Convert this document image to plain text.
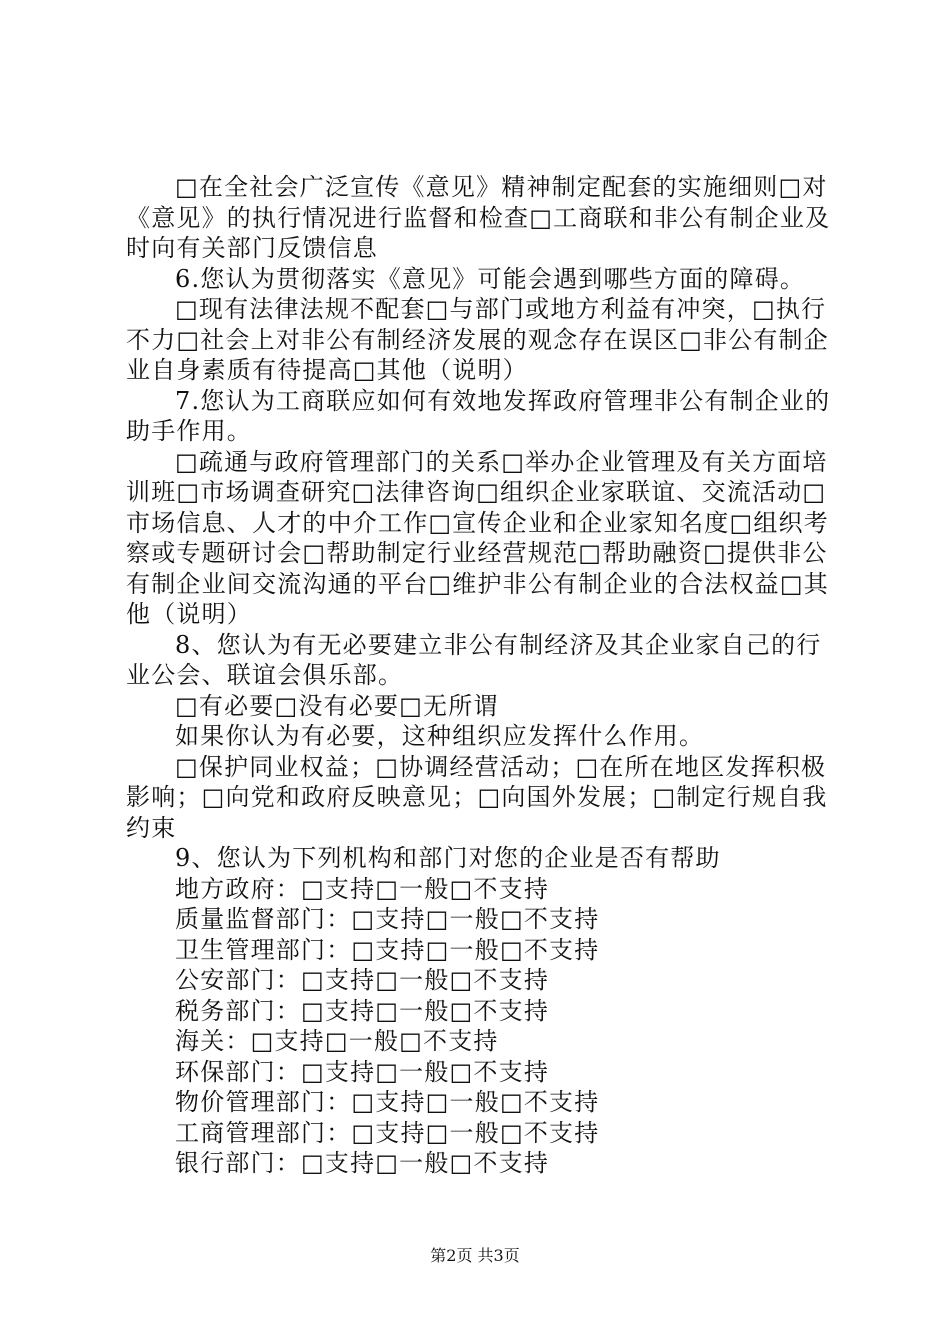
□在全社会广泛宣传《意见》精神制定配套的实施细则□对《意见》的执行情况进行监督和检查□工商联和非公有制企业及时向有关部门反馈信息

6.您认为贯彻落实《意见》可能会遇到哪些方面的障碍。

□现有法律法规不配套□与部门或地方利益有冲突，□执行不力□社会上对非公有制经济发展的观念存在误区□非公有制企业自身素质有待提高□其他（说明）

7.您认为工商联应如何有效地发挥政府管理非公有制企业的助手作用。

□疏通与政府管理部门的关系□举办企业管理及有关方面培训班□市场调查研究□法律咨询□组织企业家联谊、交流活动□市场信息、人才的中介工作□宣传企业和企业家知名度□组织考察或专题研讨会□帮助制定行业经营规范□帮助融资□提供非公有制企业间交流沟通的平台□维护非公有制企业的合法权益□其他（说明）

8、您认为有无必要建立非公有制经济及其企业家自己的行业公会、联谊会俱乐部。

□有必要□没有必要□无所谓

如果你认为有必要，这种组织应发挥什么作用。

□保护同业权益；□协调经营活动；□在所在地区发挥积极影响；□向党和政府反映意见；□向国外发展；□制定行规自我约束

9、您认为下列机构和部门对您的企业是否有帮助

地方政府：□支持□一般□不支持

质量监督部门：□支持□一般□不支持

卫生管理部门：□支持□一般□不支持

公安部门：□支持□一般□不支持

税务部门：□支持□一般□不支持

海关：□支持□一般□不支持

环保部门：□支持□一般□不支持

物价管理部门：□支持□一般□不支持

工商管理部门：□支持□一般□不支持

银行部门：□支持□一般□不支持

第2页 共3页
